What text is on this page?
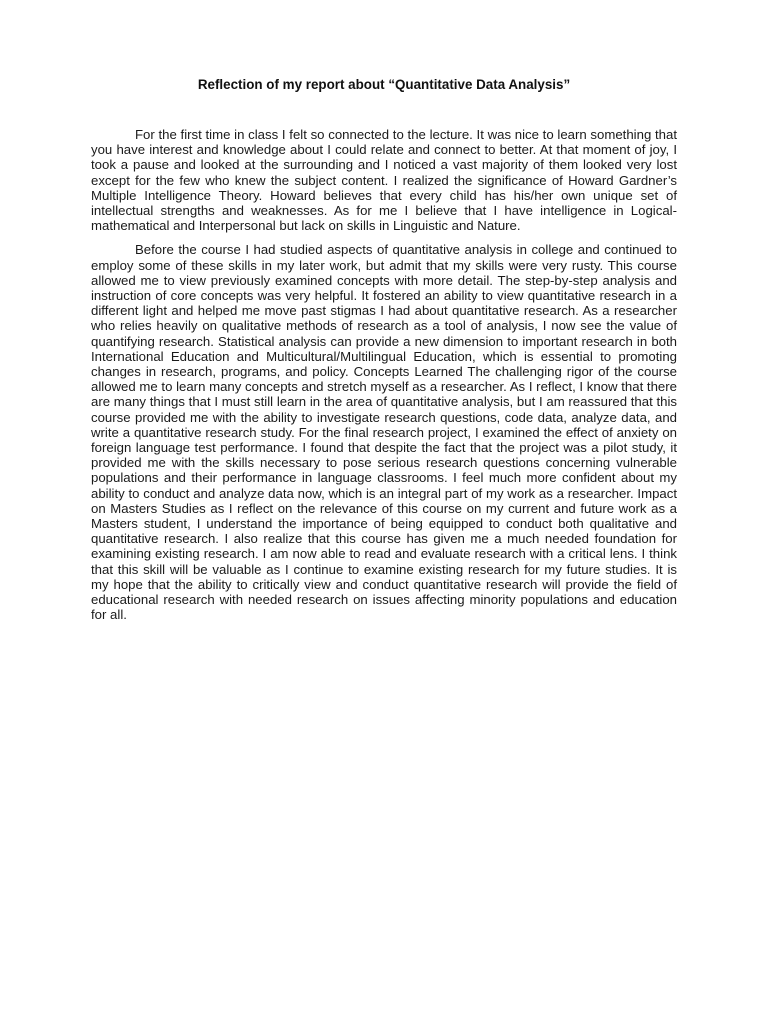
Reflection of my report about “Quantitative Data Analysis”

For the first time in class I felt so connected to the lecture. It was nice to learn something that you have interest and knowledge about I could relate and connect to better. At that moment of joy, I took a pause and looked at the surrounding and I noticed a vast majority of them looked very lost except for the few who knew the subject content. I realized the significance of Howard Gardner’s Multiple Intelligence Theory. Howard believes that every child has his/her own unique set of intellectual strengths and weaknesses. As for me I believe that I have intelligence in Logical-mathematical and Interpersonal but lack on skills in Linguistic and Nature.

Before the course I had studied aspects of quantitative analysis in college and continued to employ some of these skills in my later work, but admit that my skills were very rusty. This course allowed me to view previously examined concepts with more detail. The step-by-step analysis and instruction of core concepts was very helpful. It fostered an ability to view quantitative research in a different light and helped me move past stigmas I had about quantitative research. As a researcher who relies heavily on qualitative methods of research as a tool of analysis, I now see the value of quantifying research. Statistical analysis can provide a new dimension to important research in both International Education and Multicultural/Multilingual Education, which is essential to promoting changes in research, programs, and policy. Concepts Learned The challenging rigor of the course allowed me to learn many concepts and stretch myself as a researcher. As I reflect, I know that there are many things that I must still learn in the area of quantitative analysis, but I am reassured that this course provided me with the ability to investigate research questions, code data, analyze data, and write a quantitative research study. For the final research project, I examined the effect of anxiety on foreign language test performance. I found that despite the fact that the project was a pilot study, it provided me with the skills necessary to pose serious research questions concerning vulnerable populations and their performance in language classrooms. I feel much more confident about my ability to conduct and analyze data now, which is an integral part of my work as a researcher. Impact on Masters Studies as I reflect on the relevance of this course on my current and future work as a Masters student, I understand the importance of being equipped to conduct both qualitative and quantitative research. I also realize that this course has given me a much needed foundation for examining existing research. I am now able to read and evaluate research with a critical lens. I think that this skill will be valuable as I continue to examine existing research for my future studies. It is my hope that the ability to critically view and conduct quantitative research will provide the field of educational research with needed research on issues affecting minority populations and education for all.
